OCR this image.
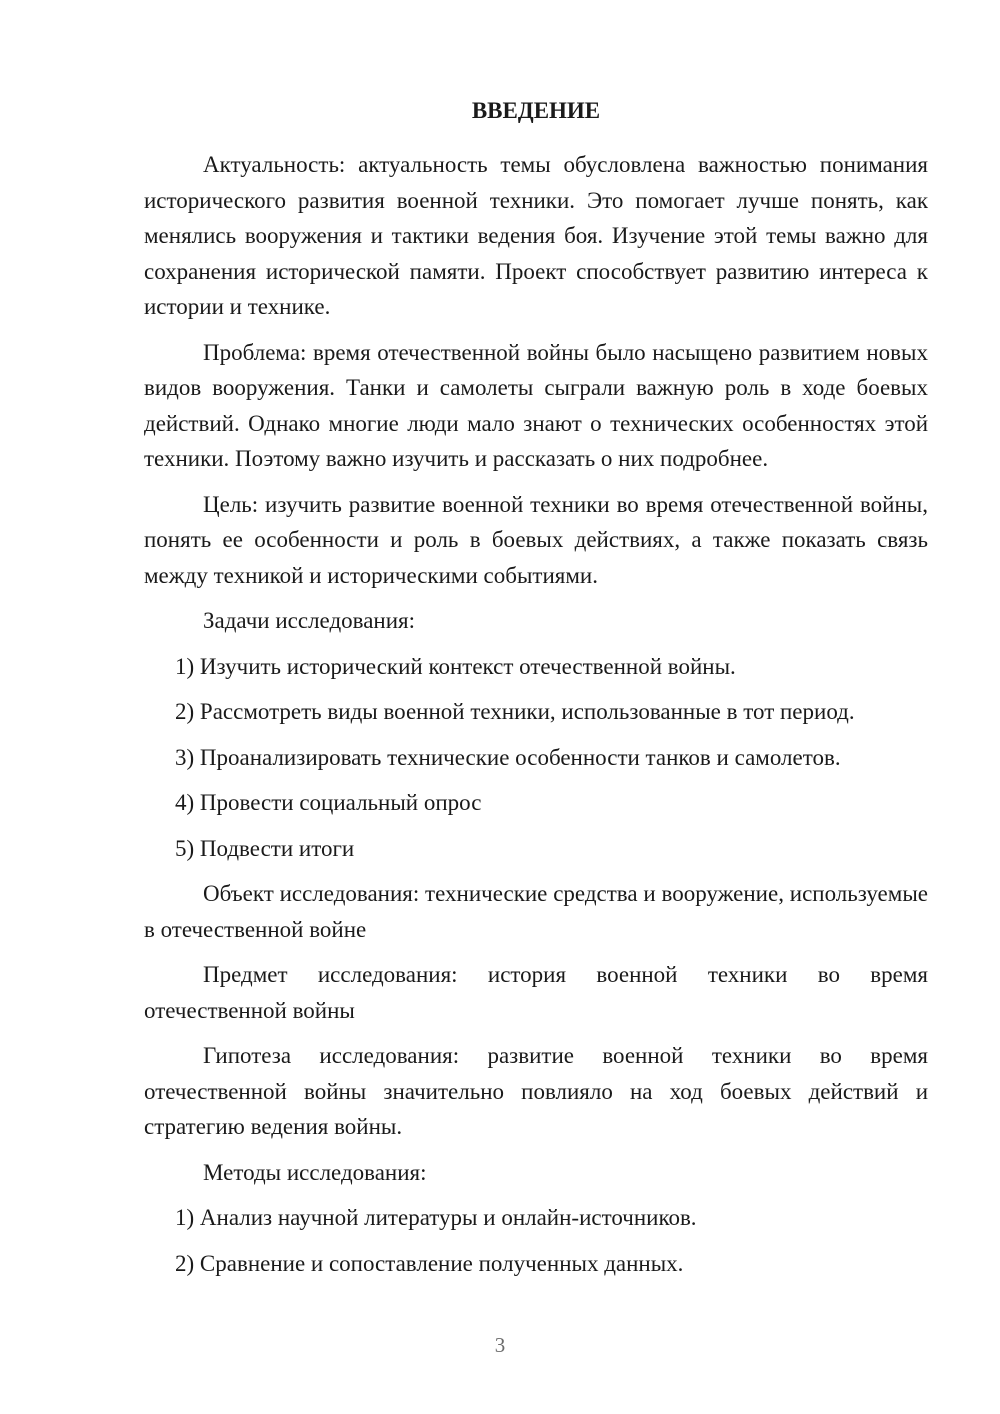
ВВЕДЕНИЕ

Актуальность: актуальность темы обусловлена важностью понимания исторического развития военной техники. Это помогает лучше понять, как менялись вооружения и тактики ведения боя. Изучение этой темы важно для сохранения исторической памяти. Проект способствует развитию интереса к истории и технике.

Проблема: время отечественной войны было насыщено развитием новых видов вооружения. Танки и самолеты сыграли важную роль в ходе боевых действий. Однако многие люди мало знают о технических особенностях этой техники. Поэтому важно изучить и рассказать о них подробнее.

Цель: изучить развитие военной техники во время отечественной войны, понять ее особенности и роль в боевых действиях, а также показать связь между техникой и историческими событиями.

Задачи исследования:

1) Изучить исторический контекст отечественной войны.

2) Рассмотреть виды военной техники, использованные в тот период.

3) Проанализировать технические особенности танков и самолетов.

4) Провести социальный опрос

5) Подвести итоги

Объект исследования: технические средства и вооружение, используемые в отечественной войне

Предмет исследования: история военной техники во время отечественной войны

Гипотеза исследования: развитие военной техники во время отечественной войны значительно повлияло на ход боевых действий и стратегию ведения войны.

Методы исследования:

1) Анализ научной литературы и онлайн-источников.

2) Сравнение и сопоставление полученных данных.

3
